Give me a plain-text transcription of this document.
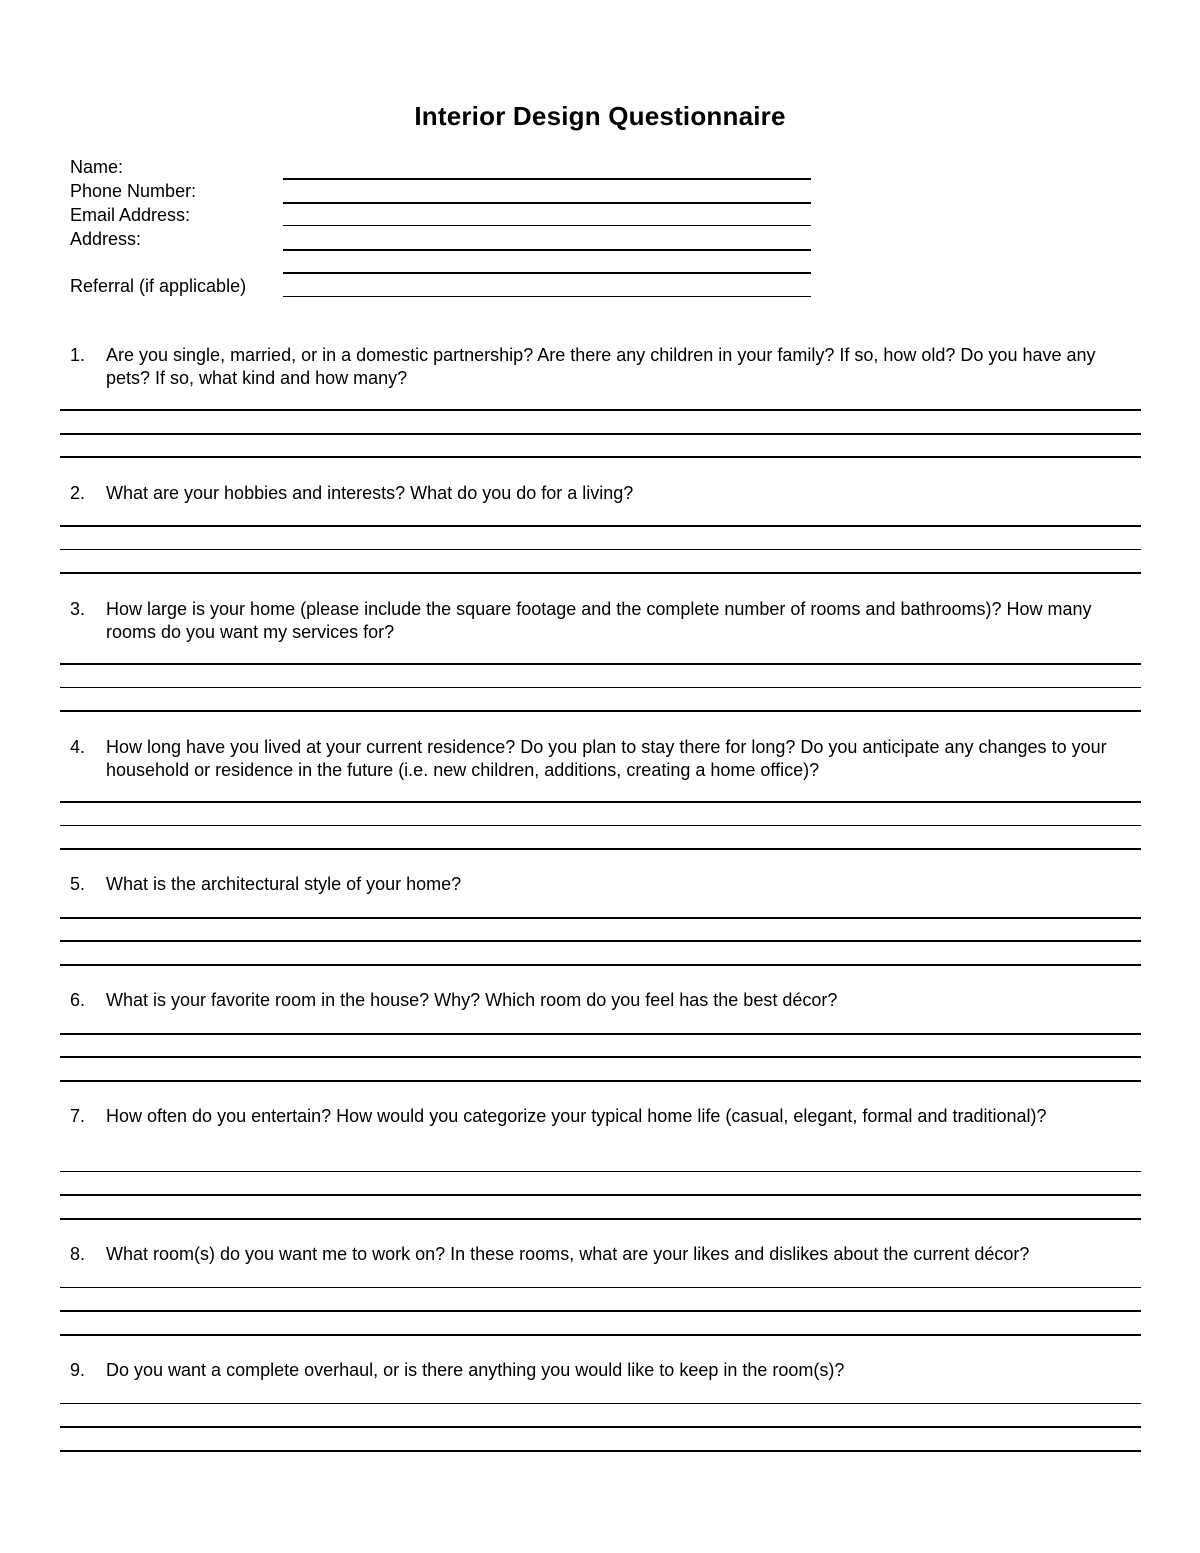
Interior Design Questionnaire
Name:
Phone Number:
Email Address:
Address:
Referral (if applicable)
1.	Are you single, married, or in a domestic partnership? Are there any children in your family? If so, how old? Do you have any pets? If so, what kind and how many?
2.	What are your hobbies and interests? What do you do for a living?
3.	How large is your home (please include the square footage and the complete number of rooms and bathrooms)? How many rooms do you want my services for?
4.	How long have you lived at your current residence? Do you plan to stay there for long? Do you anticipate any changes to your household or residence in the future (i.e. new children, additions, creating a home office)?
5.	What is the architectural style of your home?
6.	What is your favorite room in the house? Why? Which room do you feel has the best décor?
7.	How often do you entertain? How would you categorize your typical home life (casual, elegant, formal and traditional)?
8.	What room(s) do you want me to work on? In these rooms, what are your likes and dislikes about the current décor?
9.	Do you want a complete overhaul, or is there anything you would like to keep in the room(s)?
